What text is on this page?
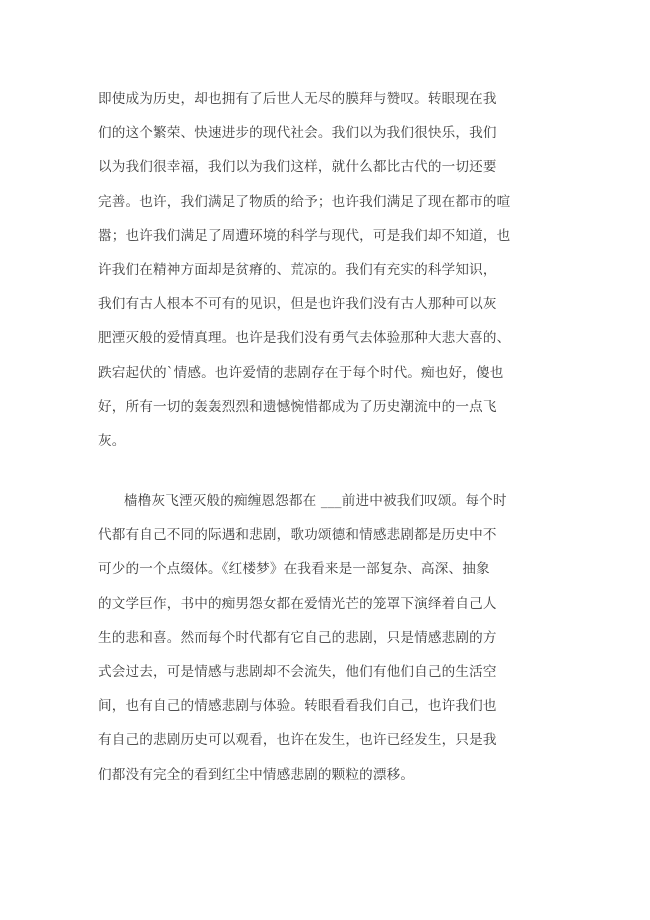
即使成为历史，却也拥有了后世人无尽的膜拜与赞叹。转眼现在我
们的这个繁荣、快速进步的现代社会。我们以为我们很快乐，我们
以为我们很幸福，我们以为我们这样，就什么都比古代的一切还要
完善。也许，我们满足了物质的给予；也许我们满足了现在都市的喧
嚣；也许我们满足了周遭环境的科学与现代，可是我们却不知道，也
许我们在精神方面却是贫瘠的、荒凉的。我们有充实的科学知识，
我们有古人根本不可有的见识，但是也许我们没有古人那种可以灰
肥湮灭般的爱情真理。也许是我们没有勇气去体验那种大悲大喜的、
跌宕起伏的`情感。也许爱情的悲剧存在于每个时代。痴也好，傻也
好，所有一切的轰轰烈烈和遗憾惋惜都成为了历史潮流中的一点飞
灰。
樯橹灰飞湮灭般的痴缠恩怨都在 ___前进中被我们叹颂。每个时
代都有自己不同的际遇和悲剧，歌功颂德和情感悲剧都是历史中不
可少的一个点缀体。《红楼梦》在我看来是一部复杂、高深、抽象
的文学巨作，书中的痴男怨女都在爱情光芒的笼罩下演绎着自己人
生的悲和喜。然而每个时代都有它自己的悲剧，只是情感悲剧的方
式会过去，可是情感与悲剧却不会流失，他们有他们自己的生活空
间，也有自己的情感悲剧与体验。转眼看看我们自己，也许我们也
有自己的悲剧历史可以观看，也许在发生，也许已经发生，只是我
们都没有完全的看到红尘中情感悲剧的颗粒的漂移。
